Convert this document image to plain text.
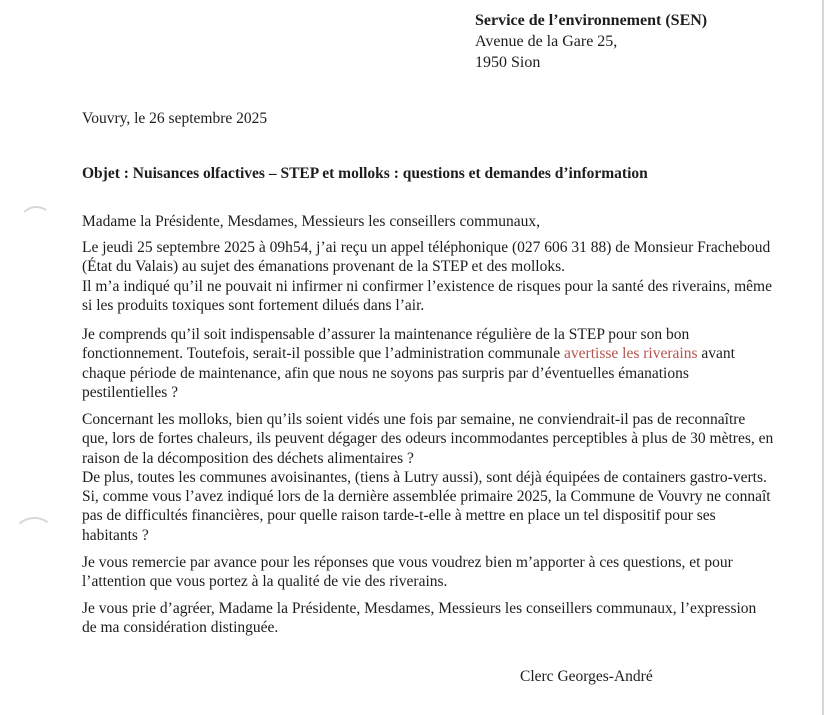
Service de l’environnement (SEN)
Avenue de la Gare 25,
1950 Sion
Vouvry, le 26 septembre 2025
Objet : Nuisances olfactives – STEP et molloks : questions et demandes d’information
Madame la Présidente, Mesdames, Messieurs les conseillers communaux,

Le jeudi 25 septembre 2025 à 09h54, j’ai reçu un appel téléphonique (027 606 31 88) de Monsieur Fracheboud (État du Valais) au sujet des émanations provenant de la STEP et des molloks.
Il m’a indiqué qu’il ne pouvait ni infirmer ni confirmer l’existence de risques pour la santé des riverains, même si les produits toxiques sont fortement dilués dans l’air.

Je comprends qu’il soit indispensable d’assurer la maintenance régulière de la STEP pour son bon fonctionnement. Toutefois, serait-il possible que l’administration communale avertisse les riverains avant chaque période de maintenance, afin que nous ne soyons pas surpris par d’éventuelles émanations pestilentielles ?

Concernant les molloks, bien qu’ils soient vidés une fois par semaine, ne conviendrait-il pas de reconnaître que, lors de fortes chaleurs, ils peuvent dégager des odeurs incommodantes perceptibles à plus de 30 mètres, en raison de la décomposition des déchets alimentaires ?
De plus, toutes les communes avoisinantes, (tiens à Lutry aussi), sont déjà équipées de containers gastro-verts. Si, comme vous l’avez indiqué lors de la dernière assemblée primaire 2025, la Commune de Vouvry ne connaît pas de difficultés financières, pour quelle raison tarde-t-elle à mettre en place un tel dispositif pour ses habitants ?

Je vous remercie par avance pour les réponses que vous voudrez bien m’apporter à ces questions, et pour l’attention que vous portez à la qualité de vie des riverains.

Je vous prie d’agréer, Madame la Présidente, Mesdames, Messieurs les conseillers communaux, l’expression de ma considération distinguée.

Clerc Georges-André
